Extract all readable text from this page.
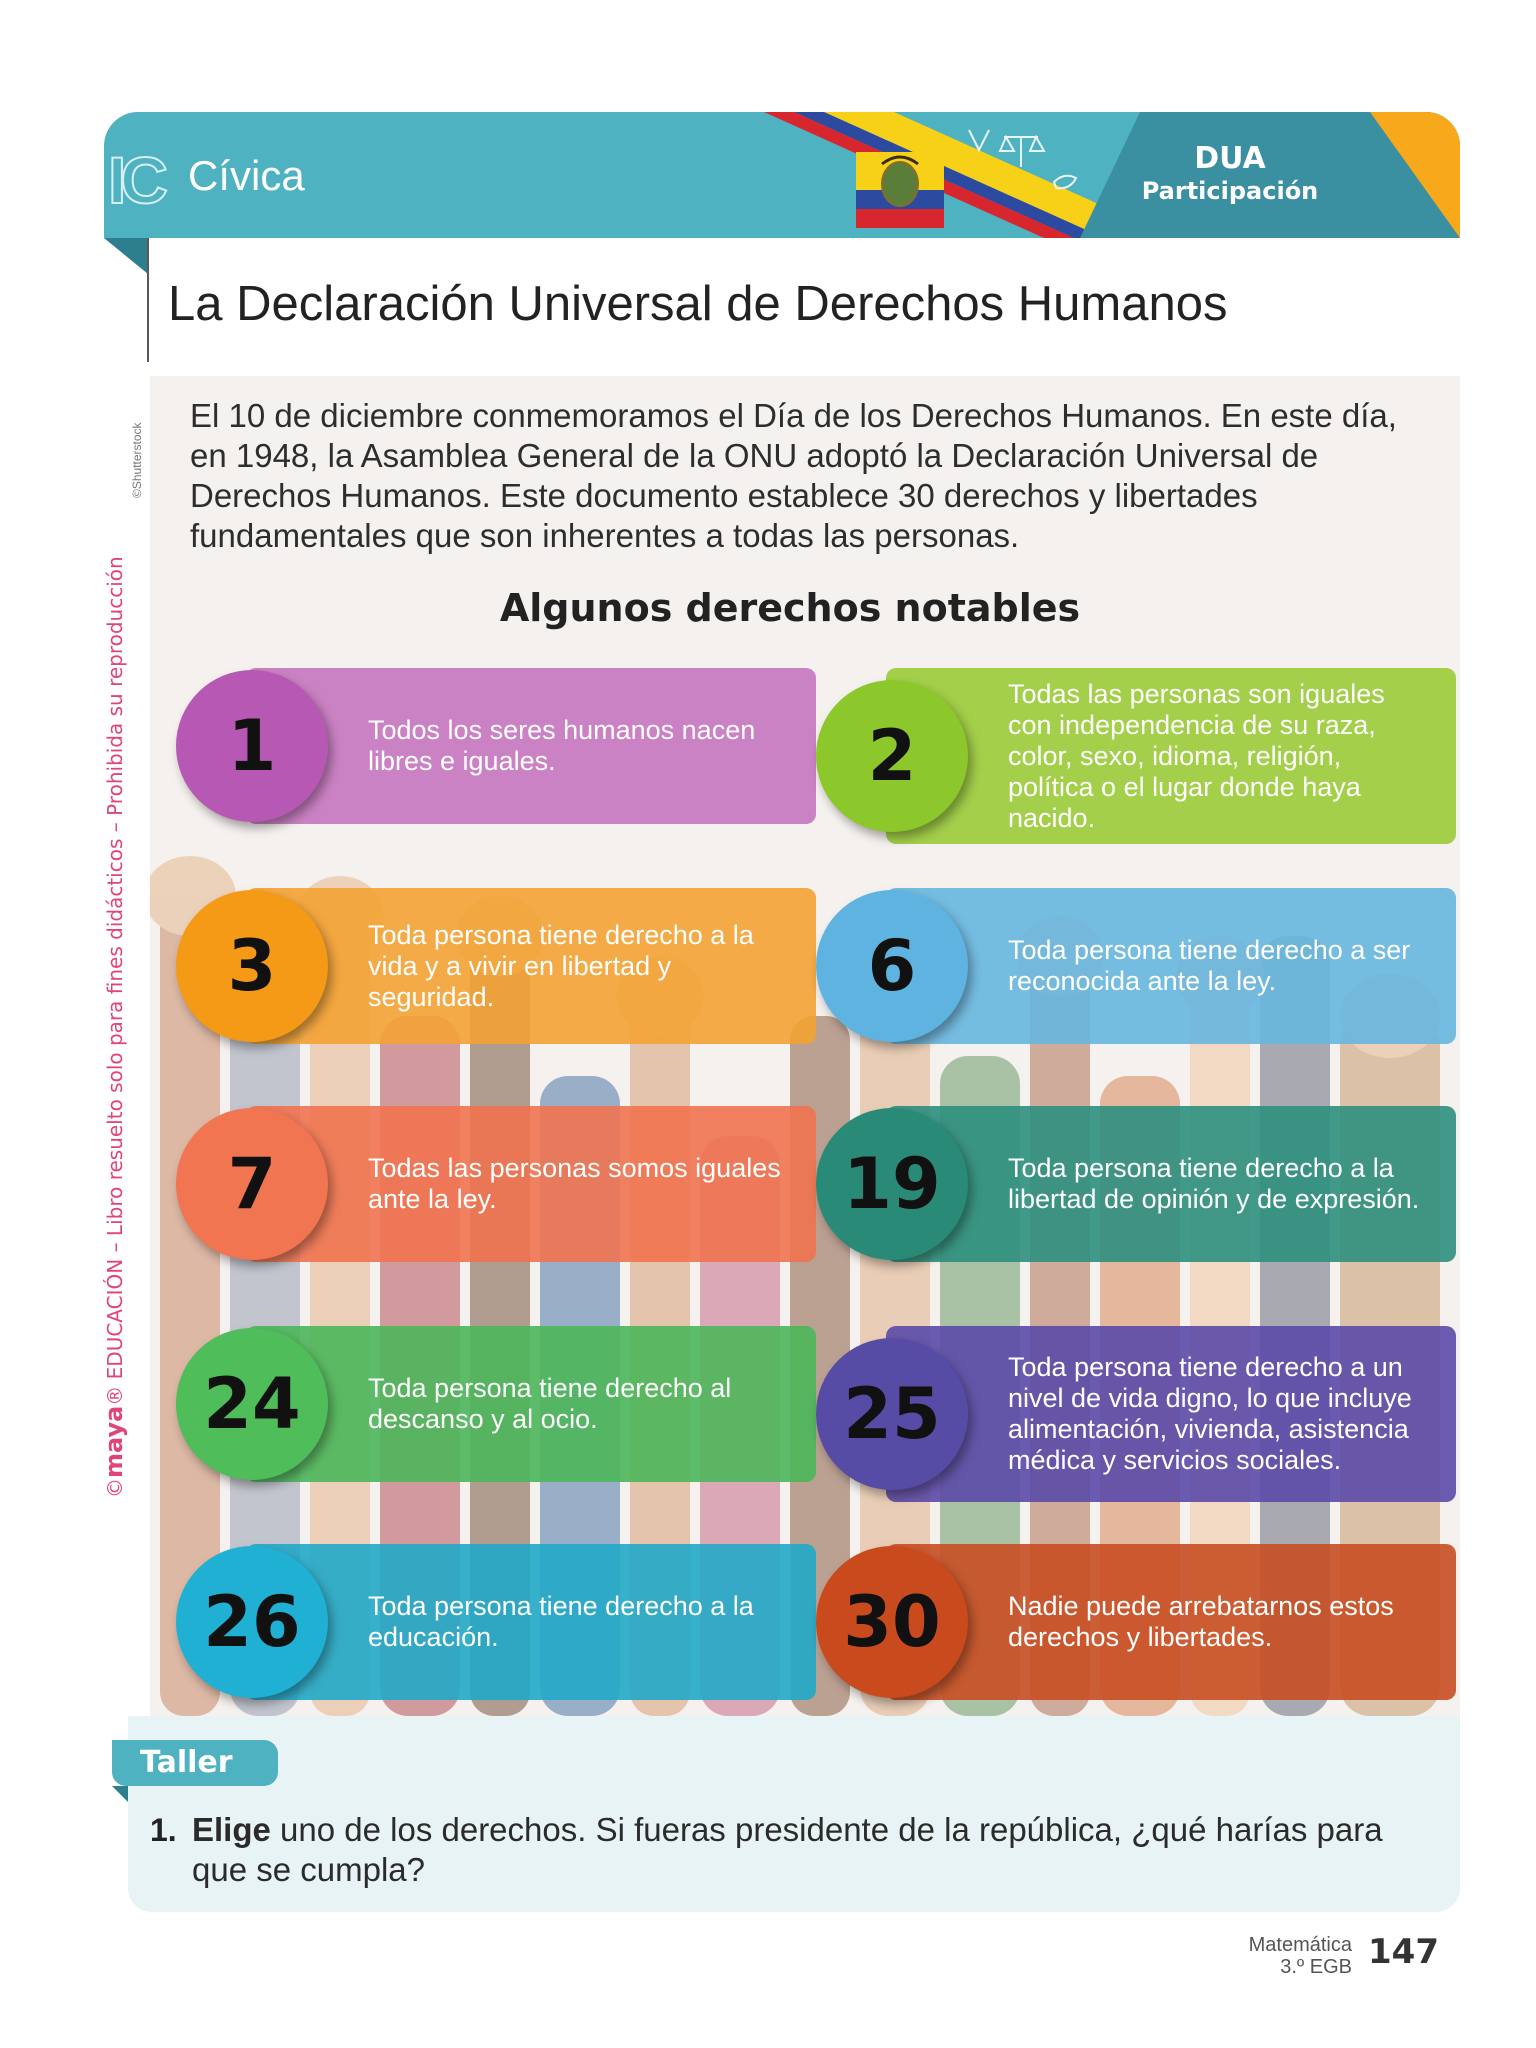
IC Cívica	DUA
Participación
La Declaración Universal de Derechos Humanos
©Shutterstock
©maya® EDUCACIÓN – Libro resuelto solo para fines didácticos – Prohibida su reproducción
El 10 de diciembre conmemoramos el Día de los Derechos Humanos. En este día, en 1948, la Asamblea General de la ONU adoptó la Declaración Universal de Derechos Humanos. Este documento establece 30 derechos y libertades fundamentales que son inherentes a todas las personas.
Algunos derechos notables
1	Todos los seres humanos nacen libres e iguales.	2
Todas las personas son iguales con independencia de su raza, color, sexo, idioma, religión, política o el lugar donde haya nacido.
3	Toda persona tiene derecho a la vida y a vivir en libertad y seguridad.	6	Toda persona tiene derecho a ser reconocida ante la ley.
7	Todas las personas somos iguales ante la ley.	19	Toda persona tiene derecho a la libertad de opinión y de expresión.
24	Toda persona tiene derecho al descanso y al ocio.	25
Toda persona tiene derecho a un nivel de vida digno, lo que incluye alimentación, vivienda, asistencia médica y servicios sociales.
26	Toda persona tiene derecho a la educación.	30	Nadie puede arrebatarnos estos derechos y libertades.
Taller
1. Elige uno de los derechos. Si fueras presidente de la república, ¿qué harías para que se cumpla?
Matemática
3.º EGB 147
